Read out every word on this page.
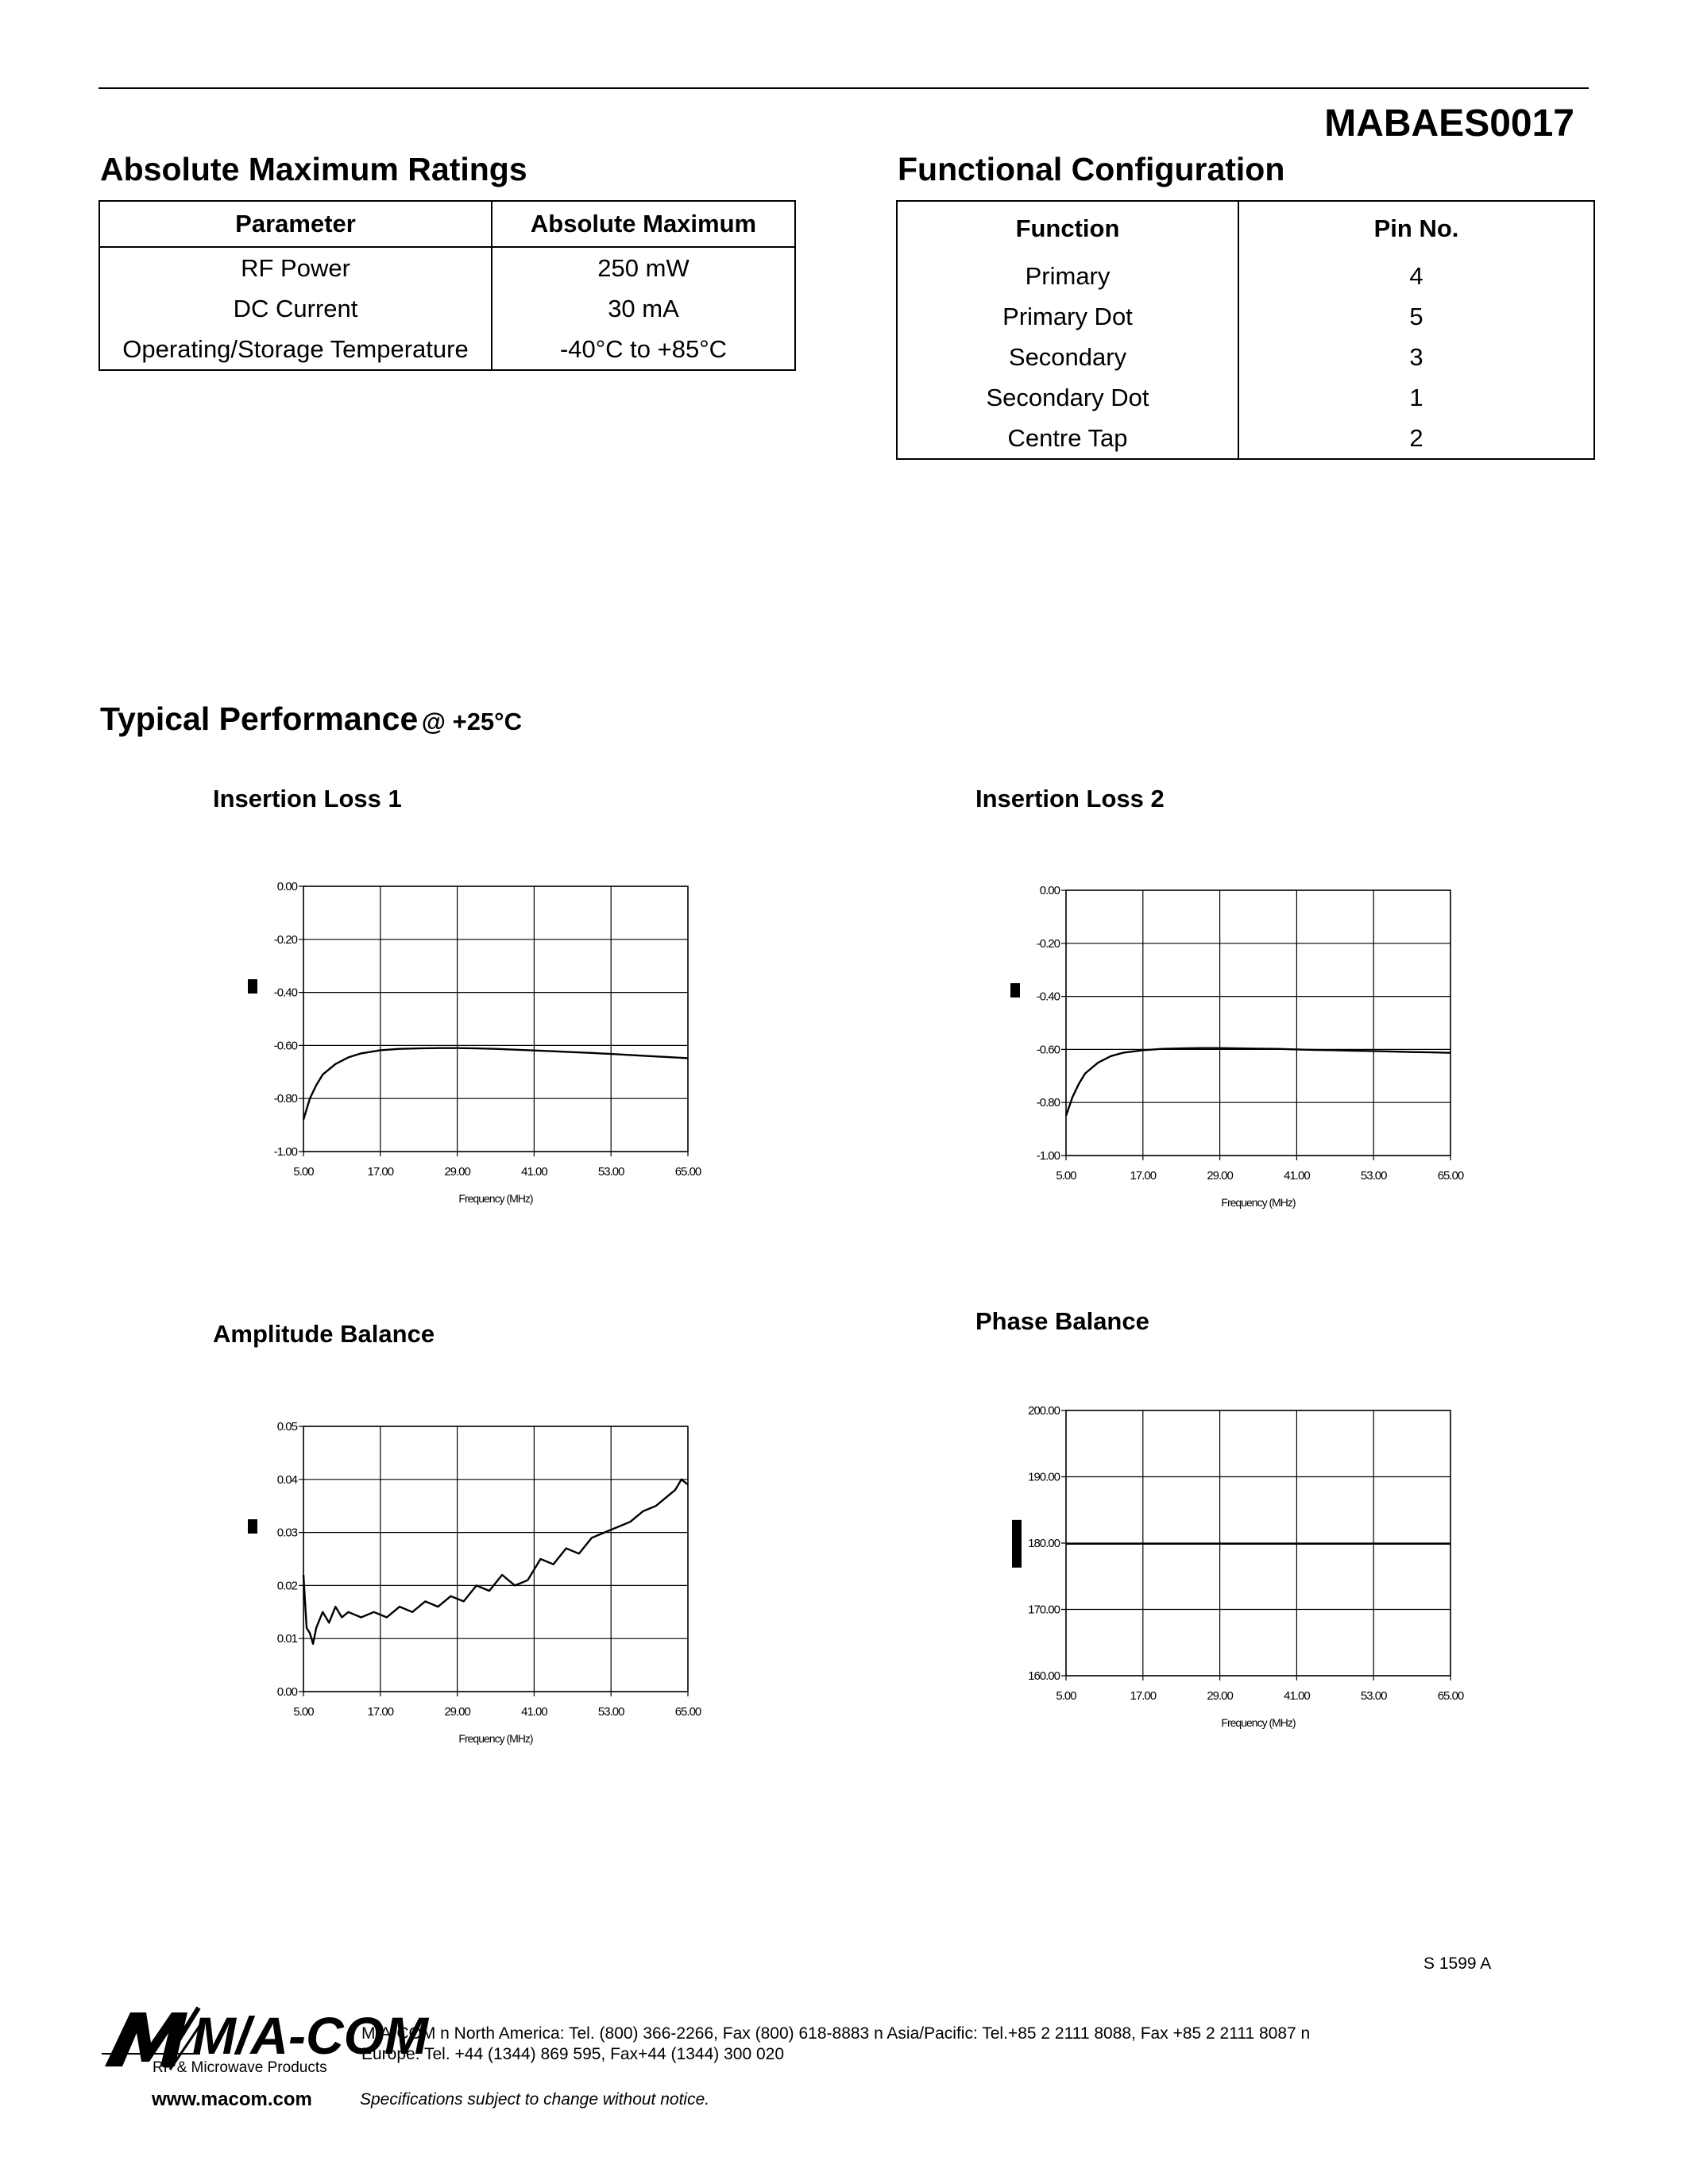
MABAES0017
Absolute Maximum Ratings
Parameter	Absolute Maximum
RF Power	250 mW
DC Current	30 mA
Operating/Storage Temperature	-40°C to +85°C
Functional Configuration
Function	Pin No.
Primary	4
Primary Dot	5
Secondary	3
Secondary Dot	1
Centre Tap	2
Typical Performance @ +25°C
Insertion Loss 1	Insertion Loss 2
Amplitude Balance	Phase Balance
5.00	17.00	29.00	41.00	53.00	65.00
0.00
-0.20
-0.40
-0.60
-0.80
-1.00
Frequency (MHz)
5.00	17.00	29.00	41.00	53.00	65.00
0.00
-0.20
-0.40
-0.60
-0.80
-1.00
Frequency (MHz)
5.00	17.00	29.00	41.00	53.00	65.00
0.05
0.04
0.03
0.02
0.01
0.00
Frequency (MHz)
5.00	17.00	29.00	41.00	53.00	65.00
200.00
190.00
180.00
170.00
160.00
Frequency (MHz)
S 1599 A
M/A-COM
RF & Microwave Products
M/A-COM n North America: Tel. (800) 366-2266, Fax (800) 618-8883 n Asia/Pacific: Tel.+85 2 2111 8088, Fax +85 2 2111 8087 n
Europe: Tel. +44 (1344) 869 595, Fax+44 (1344) 300 020
www.macom.com	Specifications subject to change without notice.
